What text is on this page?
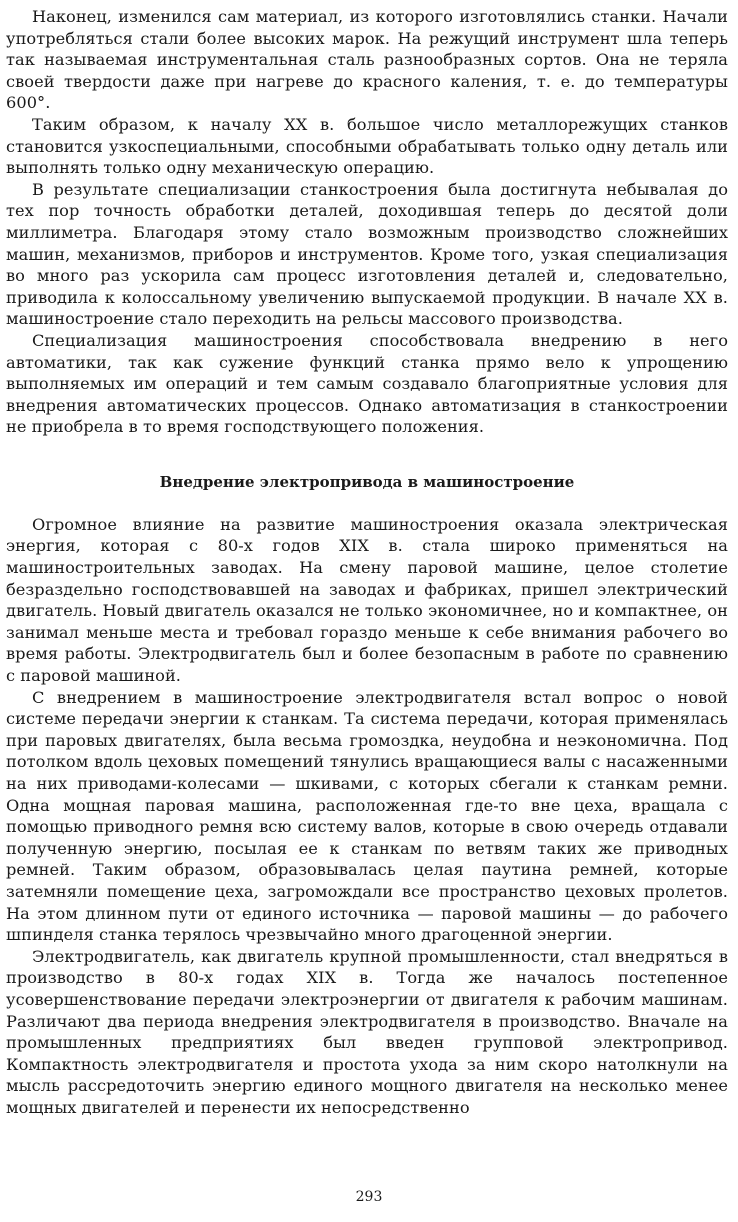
Наконец, изменился сам материал, из которого изготовлялись станки. Начали употребляться стали более высоких марок. На режущий инструмент шла теперь так называемая инструментальная сталь разнообразных сортов. Она не теряла своей твердости даже при нагреве до красного каления, т. е. до температуры 600°.

Таким образом, к началу XX в. большое число металлорежущих станков становится узкоспециальными, способными обрабатывать только одну деталь или выполнять только одну механическую операцию.

В результате специализации станкостроения была достигнута небывалая до тех пор точность обработки деталей, доходившая теперь до десятой доли миллиметра. Благодаря этому стало возможным производство сложнейших машин, механизмов, приборов и инструментов. Кроме того, узкая специализация во много раз ускорила сам процесс изготовления деталей и, следовательно, приводила к колоссальному увеличению выпускаемой продукции. В начале XX в. машиностроение стало переходить на рельсы массового производства.

Специализация машиностроения способствовала внедрению в него автоматики, так как сужение функций станка прямо вело к упрощению выполняемых им операций и тем самым создавало благоприятные условия для внедрения автоматических процессов. Однако автоматизация в станкостроении не приобрела в то время господствующего положения.

Внедрение электропривода в машиностроение

Огромное влияние на развитие машиностроения оказала электрическая энергия, которая с 80-х годов XIX в. стала широко применяться на машиностроительных заводах. На смену паровой машине, целое столетие безраздельно господствовавшей на заводах и фабриках, пришел электрический двигатель. Новый двигатель оказался не только экономичнее, но и компактнее, он занимал меньше места и требовал гораздо меньше к себе внимания рабочего во время работы. Электродвигатель был и более безопасным в работе по сравнению с паровой машиной.

С внедрением в машиностроение электродвигателя встал вопрос о новой системе передачи энергии к станкам. Та система передачи, которая применялась при паровых двигателях, была весьма громоздка, неудобна и неэкономична. Под потолком вдоль цеховых помещений тянулись вращающиеся валы с насаженными на них приводами-колесами — шкивами, с которых сбегали к станкам ремни. Одна мощная паровая машина, расположенная где-то вне цеха, вращала с помощью приводного ремня всю систему валов, которые в свою очередь отдавали полученную энергию, посылая ее к станкам по ветвям таких же приводных ремней. Таким образом, образовывалась целая паутина ремней, которые затемняли помещение цеха, загромождали все пространство цеховых пролетов. На этом длинном пути от единого источника — паровой машины — до рабочего шпинделя станка терялось чрезвычайно много драгоценной энергии.

Электродвигатель, как двигатель крупной промышленности, стал внедряться в производство в 80-х годах XIX в. Тогда же началось постепенное усовершенствование передачи электроэнергии от двигателя к рабочим машинам. Различают два периода внедрения электродвигателя в производство. Вначале на промышленных предприятиях был введен групповой электропривод. Компактность электродвигателя и простота ухода за ним скоро натолкнули на мысль рассредоточить энергию единого мощного двигателя на несколько менее мощных двигателей и перенести их непосредственно

293
